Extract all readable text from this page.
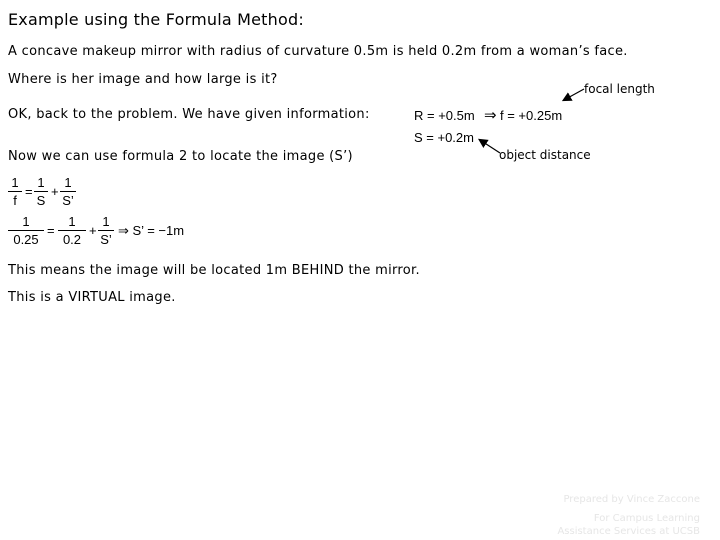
Example using the Formula Method:
A concave makeup mirror with radius of curvature 0.5m is held 0.2m from a woman’s face.
Where is her image and how large is it?
OK, back to the problem. We have given information:
Now we can use formula 2 to locate the image (S’)
R = +0.5m ⇒ f = +0.25m
S = +0.2m
focal length
object distance
1
f
=
1
S
+
1
S’
1
0.25
=
1
0.2
+
1
S’
⇒ S’ = −1m
This means the image will be located 1m BEHIND the mirror.
This is a VIRTUAL image.
Prepared by Vince Zaccone
For Campus Learning
Assistance Services at UCSB
